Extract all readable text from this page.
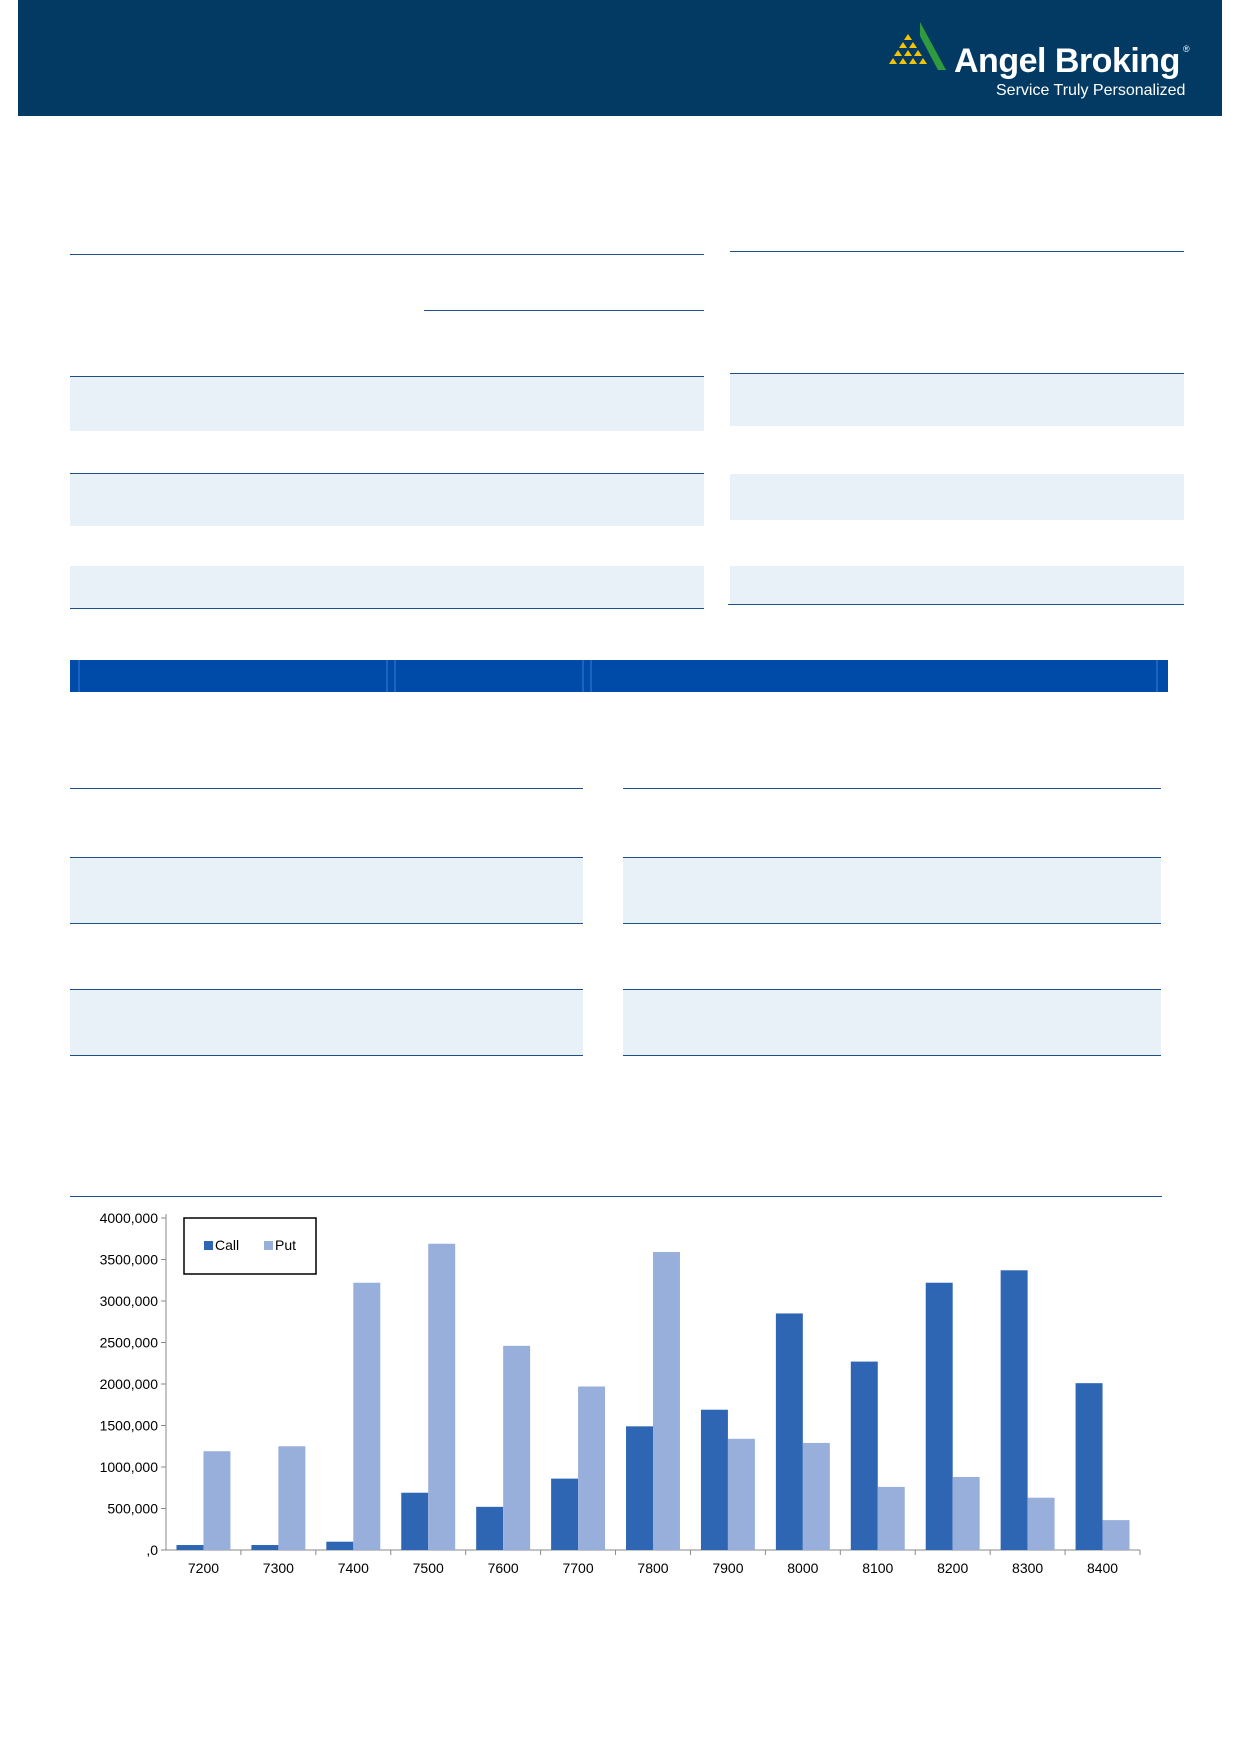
Angel Broking ®
Service Truly Personalized
,0
500,000
1000,000
1500,000
2000,000
2500,000
3000,000
3500,000
4000,000
7200	7300	7400	7500	7600	7700	7800	7900	8000	8100	8200	8300	8400
Call	Put
